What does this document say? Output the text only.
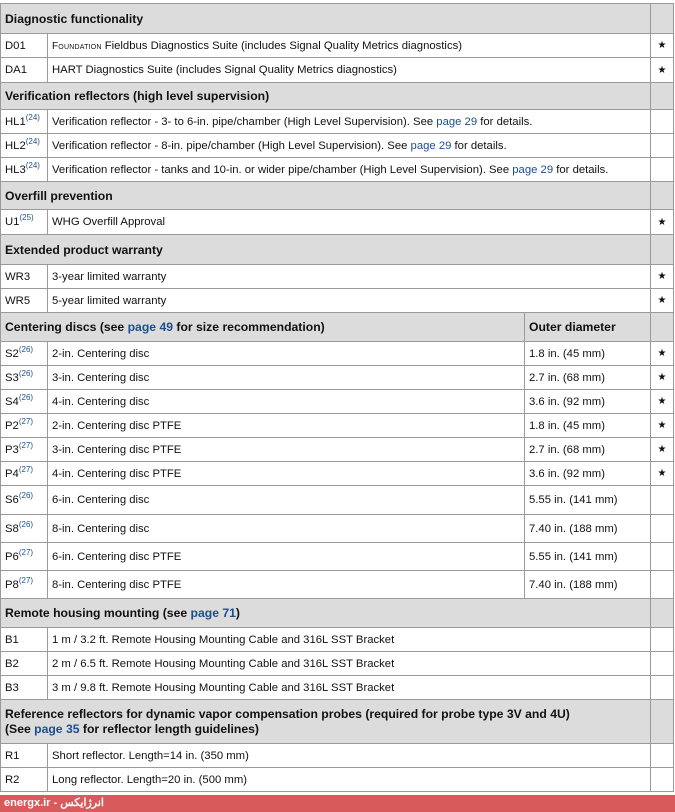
Diagnostic functionality			
D01	Foundation Fieldbus Diagnostics Suite (includes Signal Quality Metrics diagnostics)		★
DA1	HART Diagnostics Suite (includes Signal Quality Metrics diagnostics)		★
Verification reflectors (high level supervision)			
HL1$^{(24)}$	Verification reflector - 3- to 6-in. pipe/chamber (High Level Supervision). See page 29 for details.		
HL2$^{(24)}$	Verification reflector - 8-in. pipe/chamber (High Level Supervision). See page 29 for details.		
HL3$^{(24)}$	Verification reflector - tanks and 10-in. or wider pipe/chamber (High Level Supervision). See page 29 for details.		
Overfill prevention			
U1$^{(25)}$	WHG Overfill Approval		★
Extended product warranty			
WR3	3-year limited warranty		★
WR5	5-year limited warranty		★
Centering discs (see page 49 for size recommendation)		Outer diameter	
S2$^{(26)}$	2-in. Centering disc	1.8 in. (45 mm)	★
S3$^{(26)}$	3-in. Centering disc	2.7 in. (68 mm)	★
S4$^{(26)}$	4-in. Centering disc	3.6 in. (92 mm)	★
P2$^{(27)}$	2-in. Centering disc PTFE	1.8 in. (45 mm)	★
P3$^{(27)}$	3-in. Centering disc PTFE	2.7 in. (68 mm)	★
P4$^{(27)}$	4-in. Centering disc PTFE	3.6 in. (92 mm)	★
S6$^{(26)}$	6-in. Centering disc	5.55 in. (141 mm)	
S8$^{(26)}$	8-in. Centering disc	7.40 in. (188 mm)	
P6$^{(27)}$	6-in. Centering disc PTFE	5.55 in. (141 mm)	
P8$^{(27)}$	8-in. Centering disc PTFE	7.40 in. (188 mm)	
Remote housing mounting (see page 71)			
B1	1 m / 3.2 ft. Remote Housing Mounting Cable and 316L SST Bracket		
B2	2 m / 6.5 ft. Remote Housing Mounting Cable and 316L SST Bracket		
B3	3 m / 9.8 ft. Remote Housing Mounting Cable and 316L SST Bracket		
Reference reflectors for dynamic vapor compensation probes (required for probe type 3V and 4U)
(See page 35 for reflector length guidelines)			
R1	Short reflector. Length=14 in. (350 mm)		
R2	Long reflector. Length=20 in. (500 mm)		
energx.ir - انرژایکس
